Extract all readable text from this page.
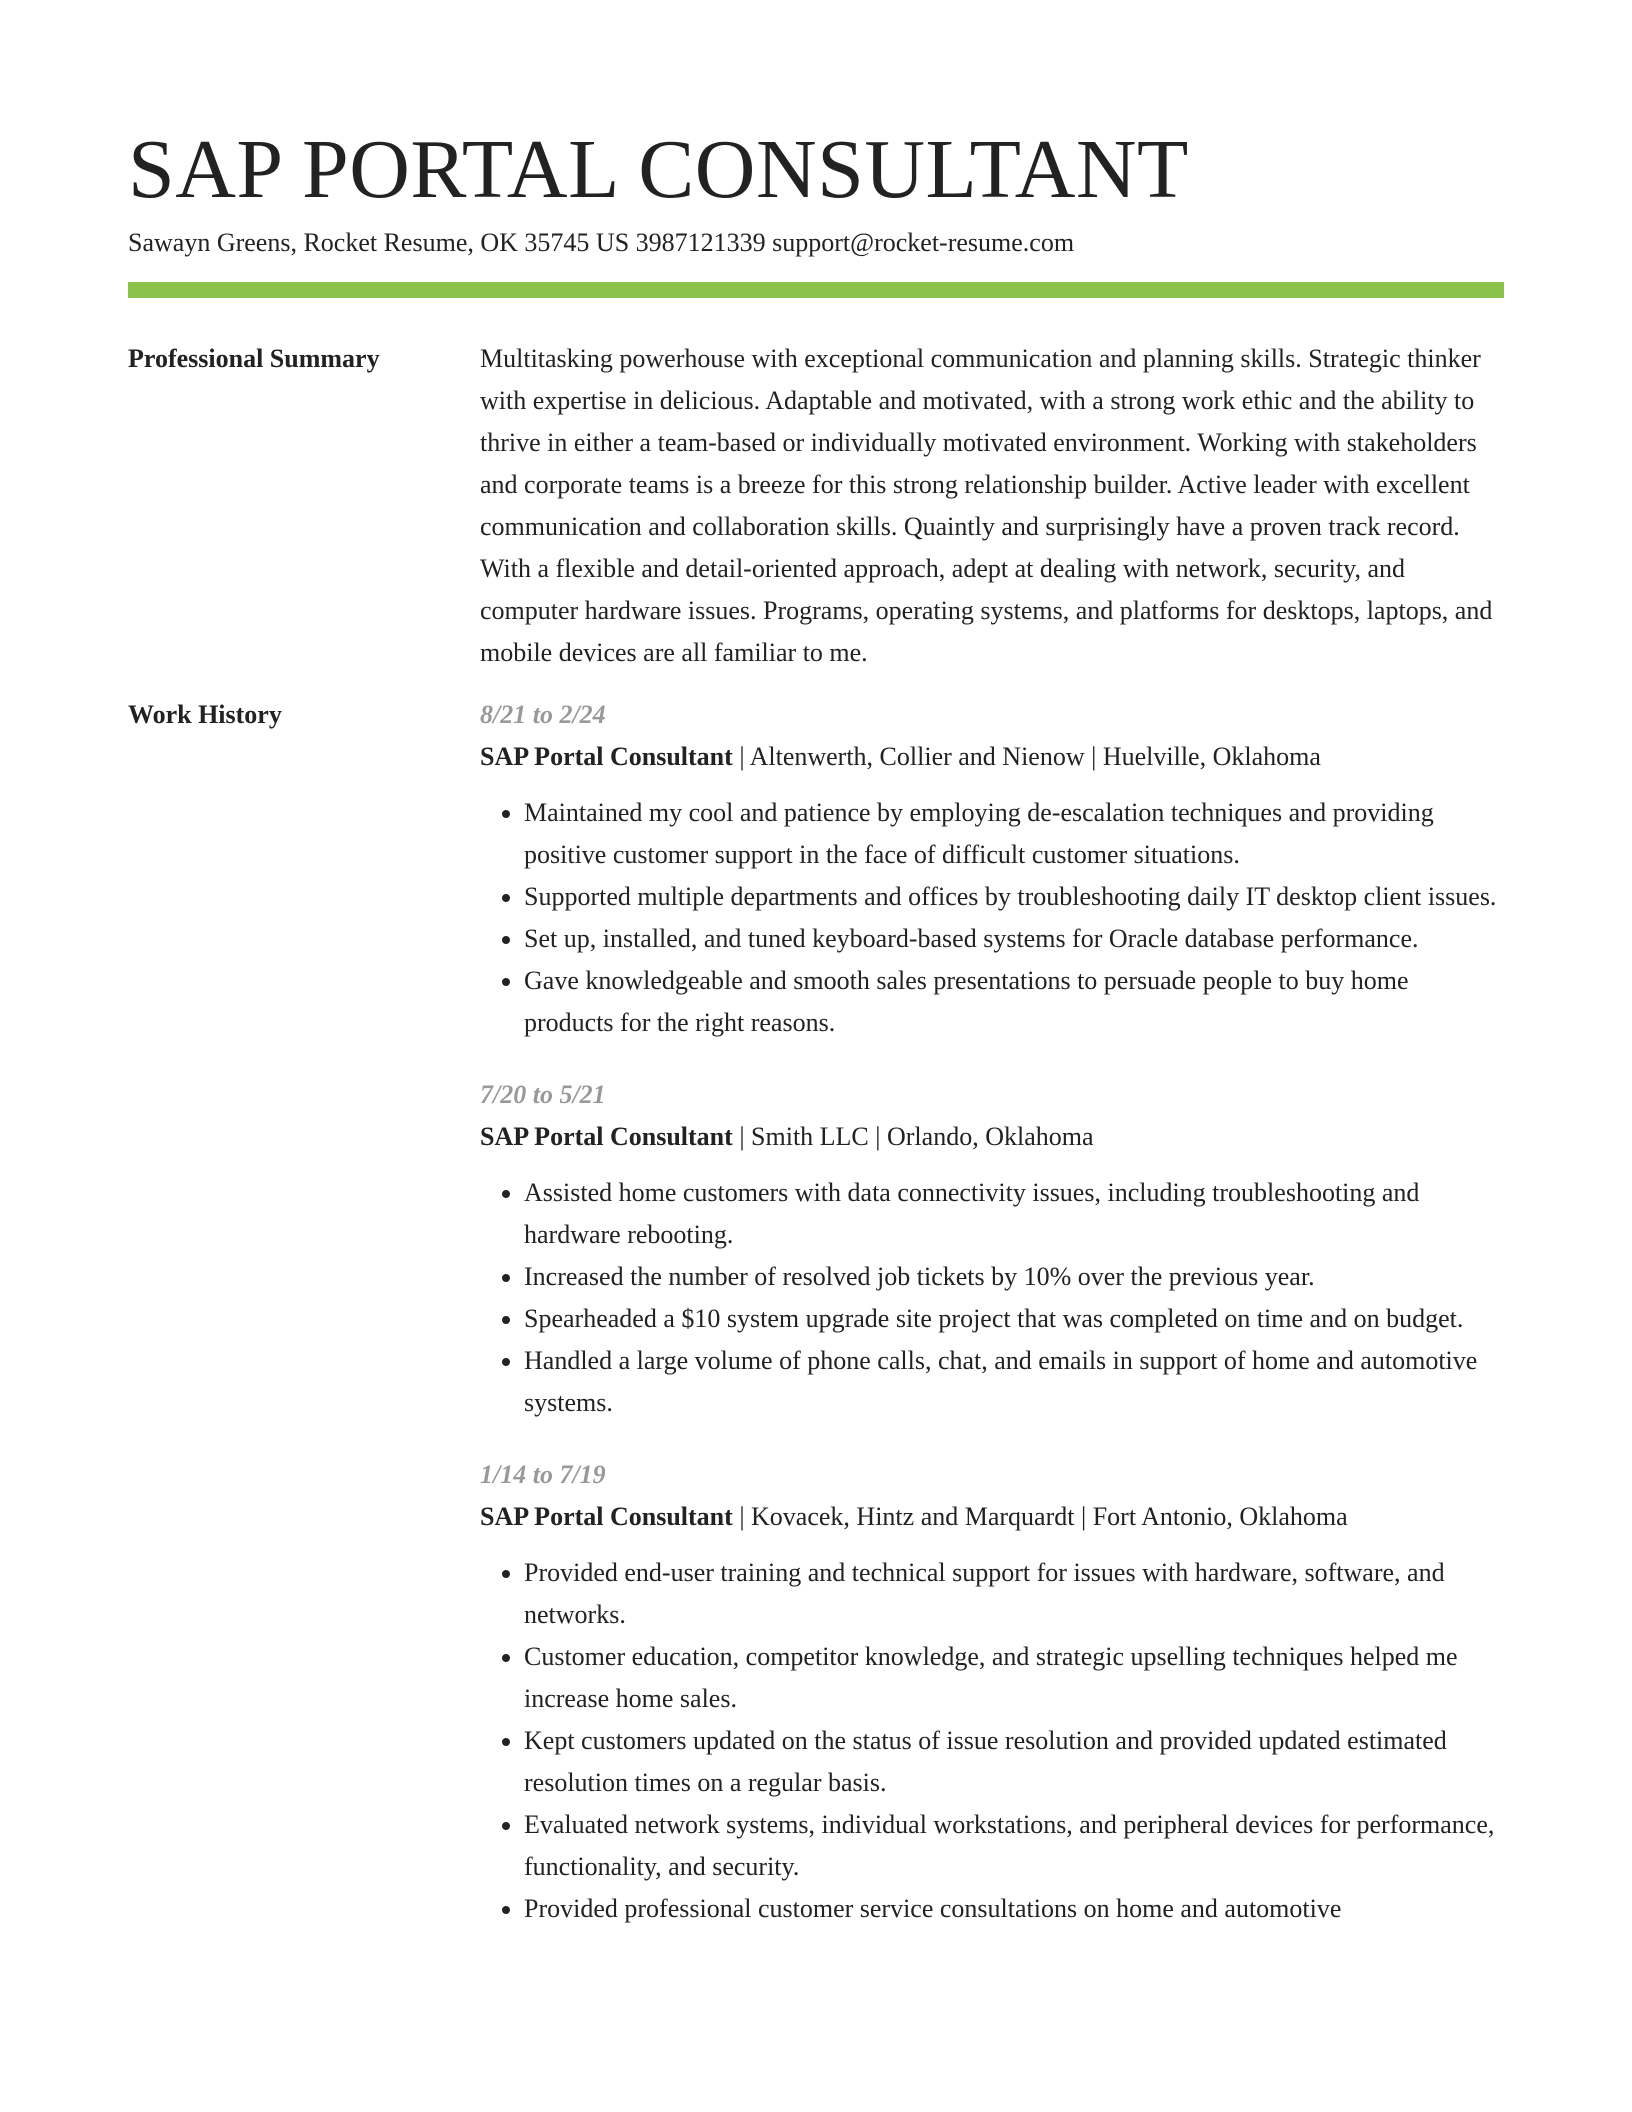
SAP PORTAL CONSULTANT
Sawayn Greens, Rocket Resume, OK 35745 US 3987121339 support@rocket-resume.com
Professional Summary	Multitasking powerhouse with exceptional communication and planning skills. Strategic thinker with expertise in delicious. Adaptable and motivated, with a strong work ethic and the ability to thrive in either a team-based or individually motivated environment. Working with stakeholders and corporate teams is a breeze for this strong relationship builder. Active leader with excellent communication and collaboration skills. Quaintly and surprisingly have a proven track record. With a flexible and detail-oriented approach, adept at dealing with network, security, and computer hardware issues. Programs, operating systems, and platforms for desktops, laptops, and mobile devices are all familiar to me.

Work History	8/21 to 2/24
SAP Portal Consultant | Altenwerth, Collier and Nienow | Huelville, Oklahoma
• Maintained my cool and patience by employing de-escalation techniques and providing positive customer support in the face of difficult customer situations.
• Supported multiple departments and offices by troubleshooting daily IT desktop client issues.
• Set up, installed, and tuned keyboard-based systems for Oracle database performance.
• Gave knowledgeable and smooth sales presentations to persuade people to buy home products for the right reasons.
7/20 to 5/21
SAP Portal Consultant | Smith LLC | Orlando, Oklahoma
• Assisted home customers with data connectivity issues, including troubleshooting and hardware rebooting.
• Increased the number of resolved job tickets by 10% over the previous year.
• Spearheaded a $10 system upgrade site project that was completed on time and on budget.
• Handled a large volume of phone calls, chat, and emails in support of home and automotive systems.
1/14 to 7/19
SAP Portal Consultant | Kovacek, Hintz and Marquardt | Fort Antonio, Oklahoma
• Provided end-user training and technical support for issues with hardware, software, and networks.
• Customer education, competitor knowledge, and strategic upselling techniques helped me increase home sales.
• Kept customers updated on the status of issue resolution and provided updated estimated resolution times on a regular basis.
• Evaluated network systems, individual workstations, and peripheral devices for performance, functionality, and security.
• Provided professional customer service consultations on home and automotive
